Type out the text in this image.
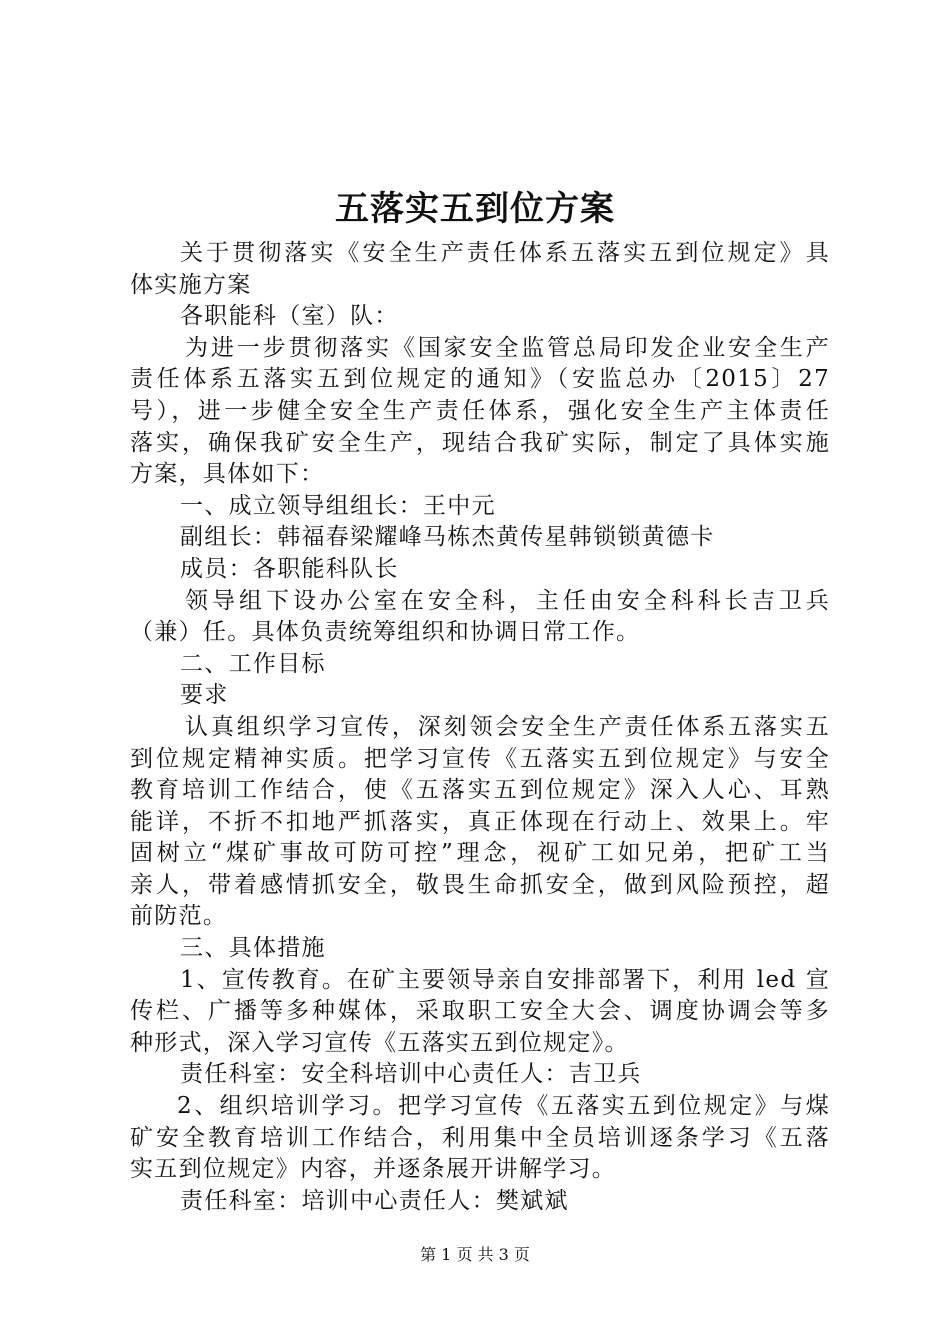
五落实五到位方案
关于贯彻落实《安全生产责任体系五落实五到位规定》具
体实施方案
各职能科（室）队：
为进一步贯彻落实《国家安全监管总局印发企业安全生产
责任体系五落实五到位规定的通知》（安监总办〔2015〕27
号），进一步健全安全生产责任体系，强化安全生产主体责任
落实，确保我矿安全生产，现结合我矿实际，制定了具体实施
方案，具体如下：
一、成立领导组组长：王中元
副组长：韩福春梁耀峰马栋杰黄传星韩锁锁黄德卡
成员：各职能科队长
领导组下设办公室在安全科，主任由安全科科长吉卫兵
（兼）任。具体负责统筹组织和协调日常工作。
二、工作目标
要求
认真组织学习宣传，深刻领会安全生产责任体系五落实五
到位规定精神实质。把学习宣传《五落实五到位规定》与安全
教育培训工作结合，使《五落实五到位规定》深入人心、耳熟
能详，不折不扣地严抓落实，真正体现在行动上、效果上。牢
固树立“煤矿事故可防可控”理念，视矿工如兄弟，把矿工当
亲人，带着感情抓安全，敬畏生命抓安全，做到风险预控，超
前防范。
三、具体措施
1、宣传教育。在矿主要领导亲自安排部署下，利用 led 宣
传栏、广播等多种媒体，采取职工安全大会、调度协调会等多
种形式，深入学习宣传《五落实五到位规定》。
责任科室：安全科培训中心责任人：吉卫兵
2、组织培训学习。把学习宣传《五落实五到位规定》与煤
矿安全教育培训工作结合，利用集中全员培训逐条学习《五落
实五到位规定》内容，并逐条展开讲解学习。
责任科室：培训中心责任人：樊斌斌
第 1 页 共 3 页
